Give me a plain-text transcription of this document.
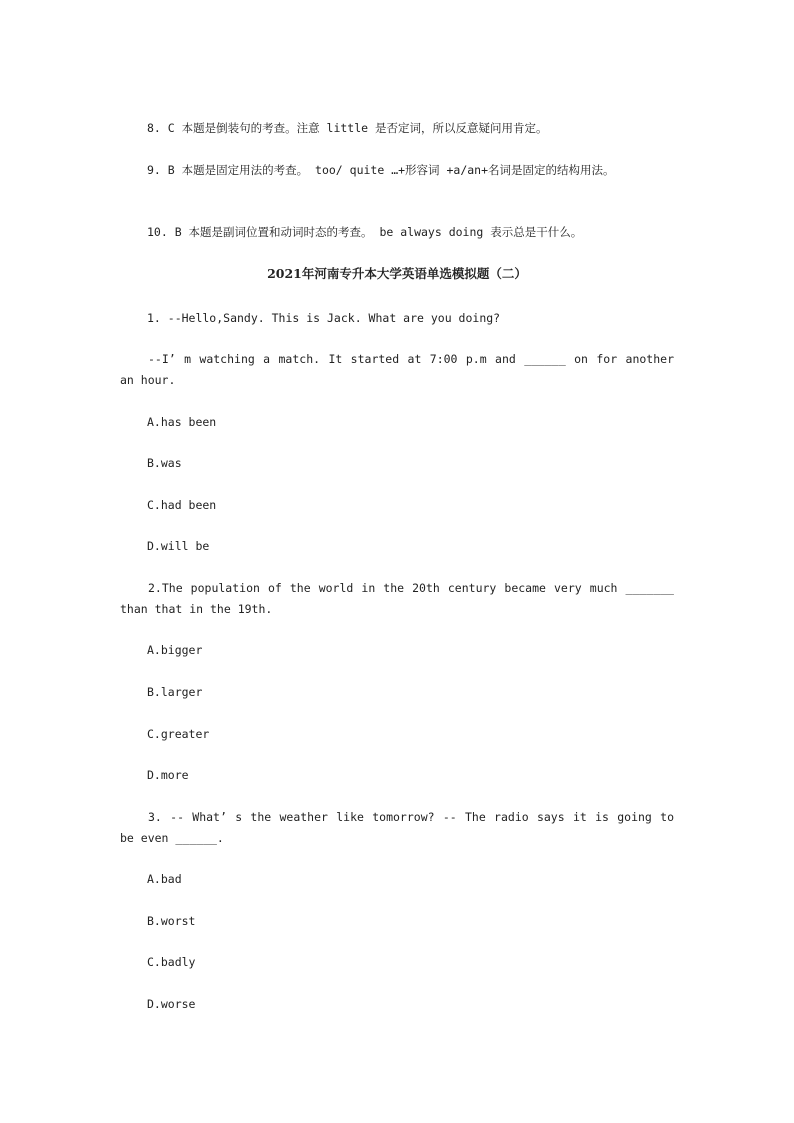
8. C 本题是倒装句的考查。注意 little 是否定词，所以反意疑问用肯定。
9. B 本题是固定用法的考查。 too/ quite …+形容词 +a/an+名词是固定的结构用法。
10. B 本题是副词位置和动词时态的考查。 be always doing 表示总是干什么。
2021年河南专升本大学英语单选模拟题（二）
1. --Hello,Sandy. This is Jack. What are you doing?
--I’ m watching a match. It started at 7:00 p.m and ______ on for another an hour.
A.has been
B.was
C.had been
D.will be
2.The population of the world in the 20th century became very much _______ than that in the 19th.
A.bigger
B.larger
C.greater
D.more
3. -- What’ s the weather like tomorrow? -- The radio says it is going to be even ______.
A.bad
B.worst
C.badly
D.worse
